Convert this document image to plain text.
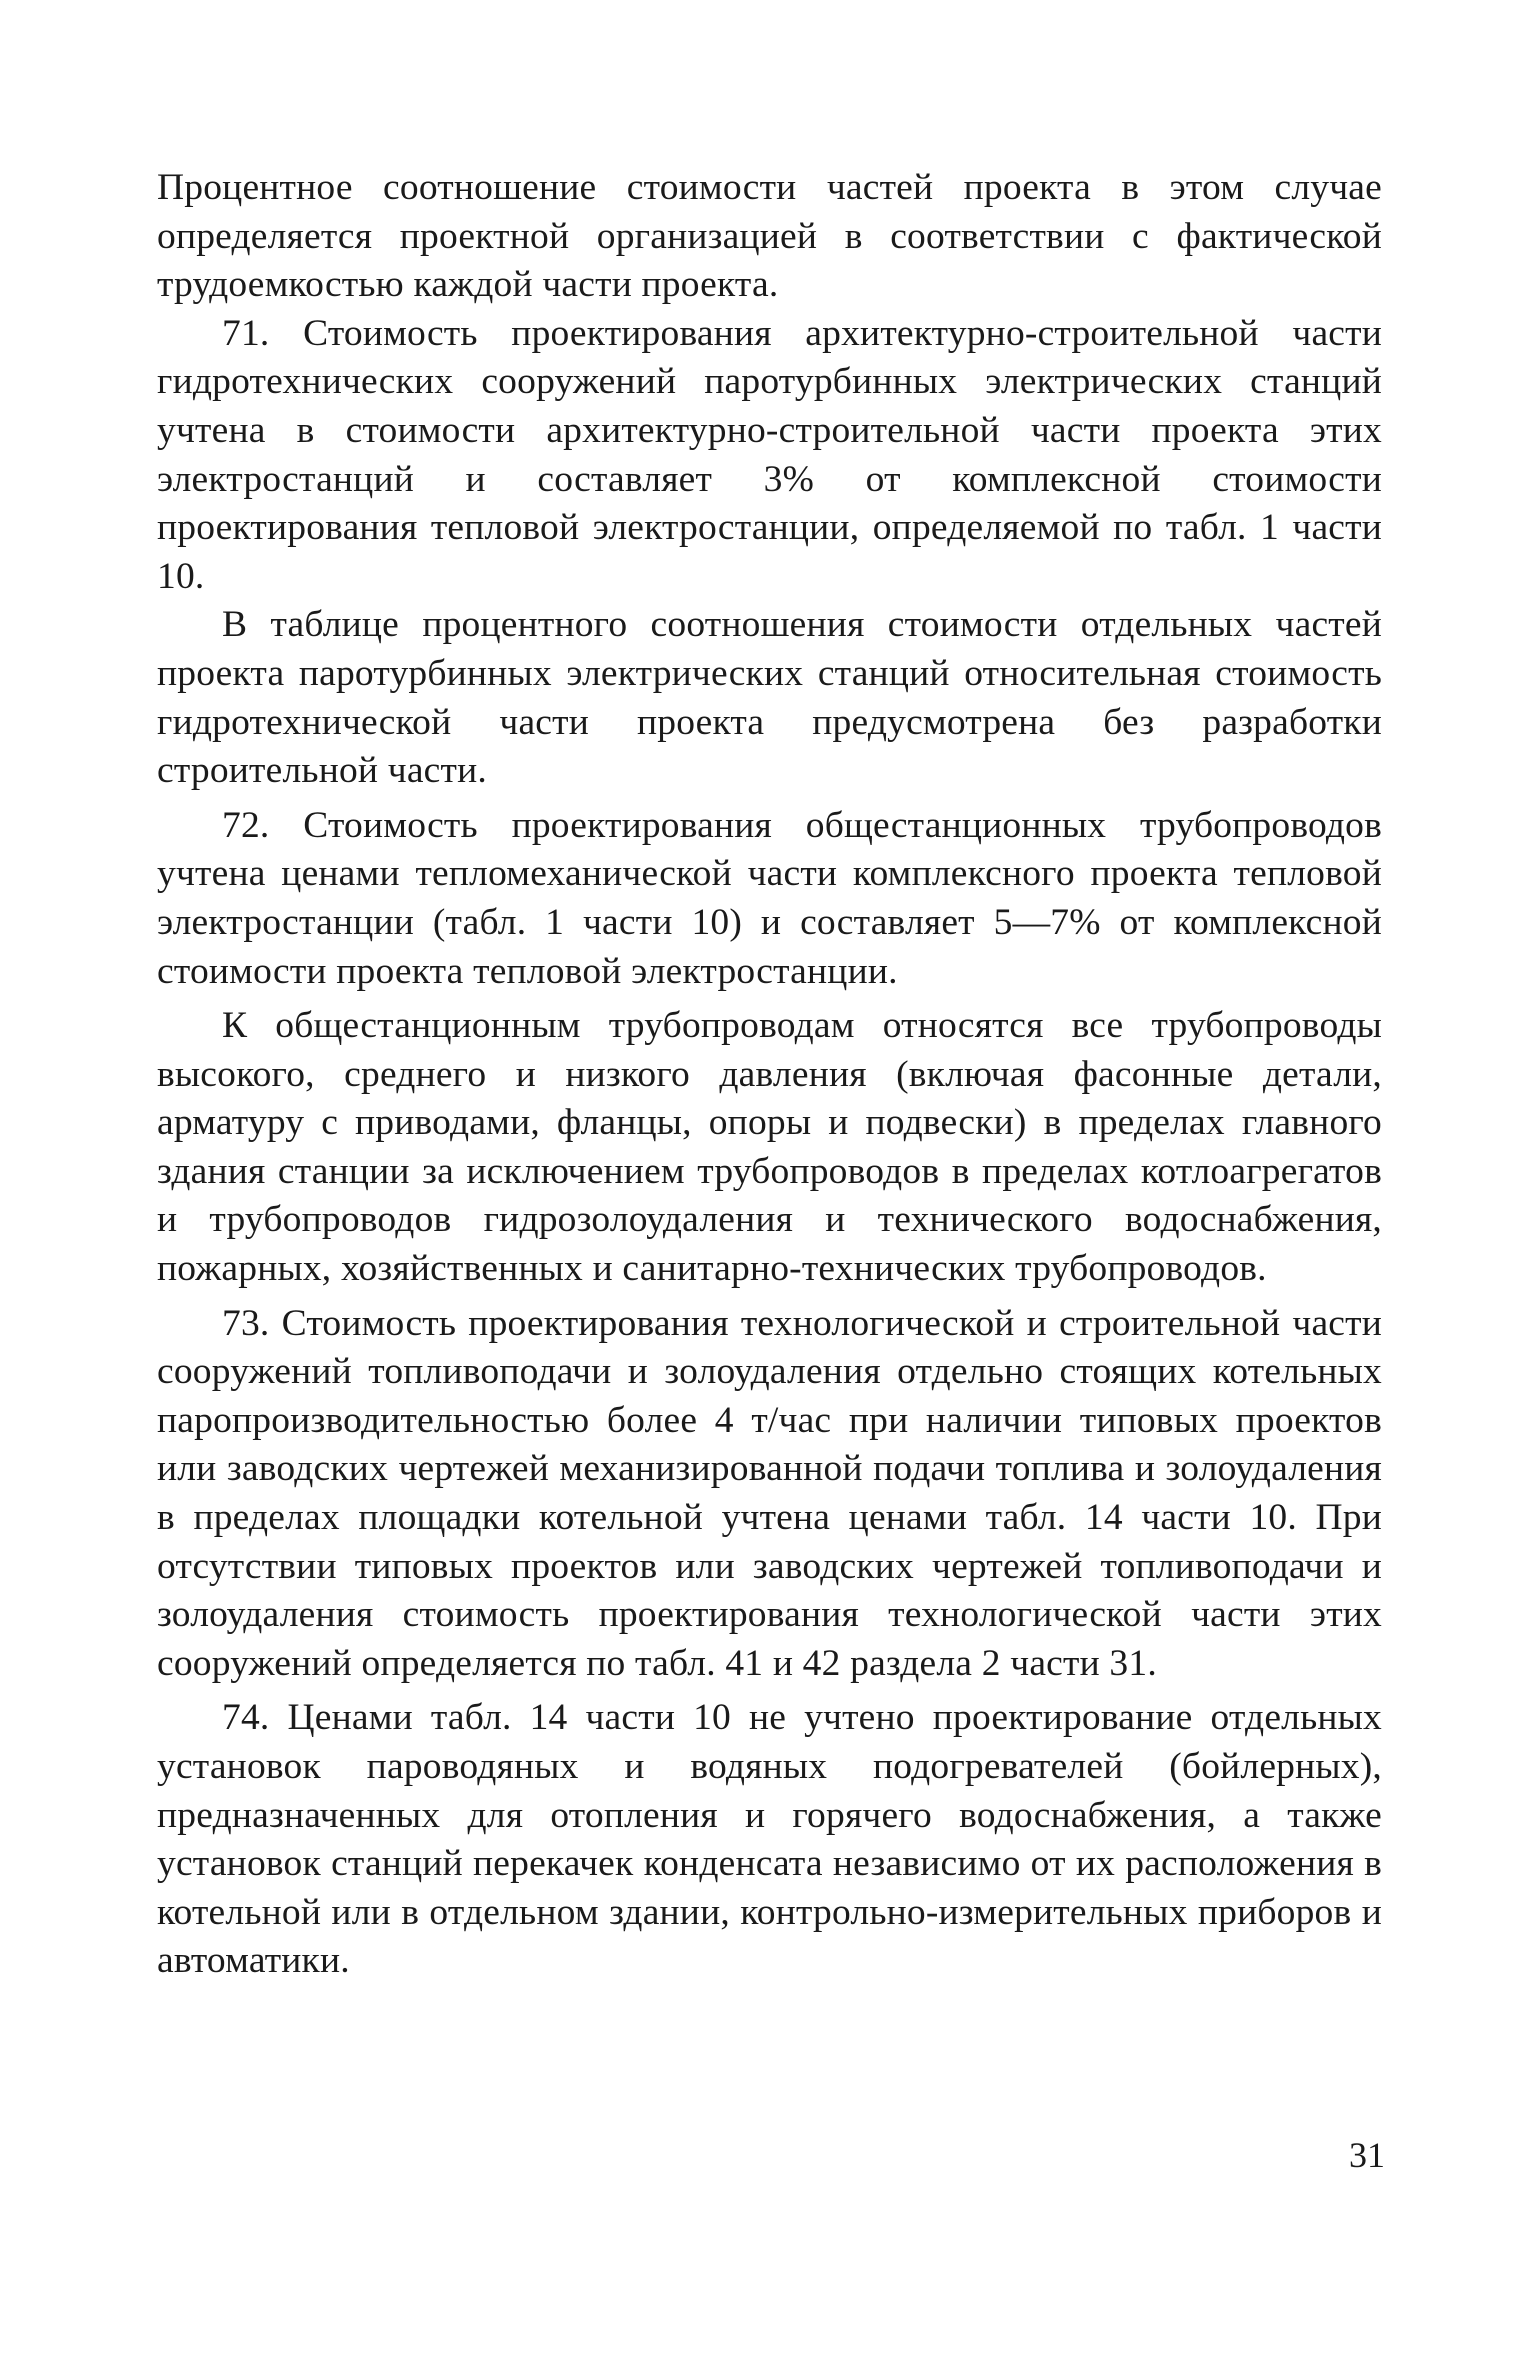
Процентное соотношение стоимости частей проекта в этом случае определяется проектной организацией в соответствии с фактической трудоемкостью каждой части проекта.

71. Стоимость проектирования архитектурно-строительной части гидротехнических сооружений паротурбинных электрических станций учтена в стоимости архитектурно-строительной части проекта этих электростанций и составляет 3% от комплексной стоимости проектирования тепловой электростанции, определяемой по табл. 1 части 10.

В таблице процентного соотношения стоимости отдельных частей проекта паротурбинных электрических станций относительная стоимость гидротехнической части проекта предусмотрена без разработки строительной части.

72. Стоимость проектирования общестанционных трубопроводов учтена ценами тепломеханической части комплексного проекта тепловой электростанции (табл. 1 части 10) и составляет 5—7% от комплексной стоимости проекта тепловой электростанции.

К общестанционным трубопроводам относятся все трубопроводы высокого, среднего и низкого давления (включая фасонные детали, арматуру с приводами, фланцы, опоры и подвески) в пределах главного здания станции за исключением трубопроводов в пределах котлоагрегатов и трубопроводов гидрозолоудаления и технического водоснабжения, пожарных, хозяйственных и санитарно-технических трубопроводов.

73. Стоимость проектирования технологической и строительной части сооружений топливоподачи и золоудаления отдельно стоящих котельных паропроизводительностью более 4 т/час при наличии типовых проектов или заводских чертежей механизированной подачи топлива и золоудаления в пределах площадки котельной учтена ценами табл. 14 части 10. При отсутствии типовых проектов или заводских чертежей топливоподачи и золоудаления стоимость проектирования технологической части этих сооружений определяется по табл. 41 и 42 раздела 2 части 31.

74. Ценами табл. 14 части 10 не учтено проектирование отдельных установок пароводяных и водяных подогревателей (бойлерных), предназначенных для отопления и горячего водоснабжения, а также установок станций перекачек конденсата независимо от их расположения в котельной или в отдельном здании, контрольно-измерительных приборов и автоматики.

31
